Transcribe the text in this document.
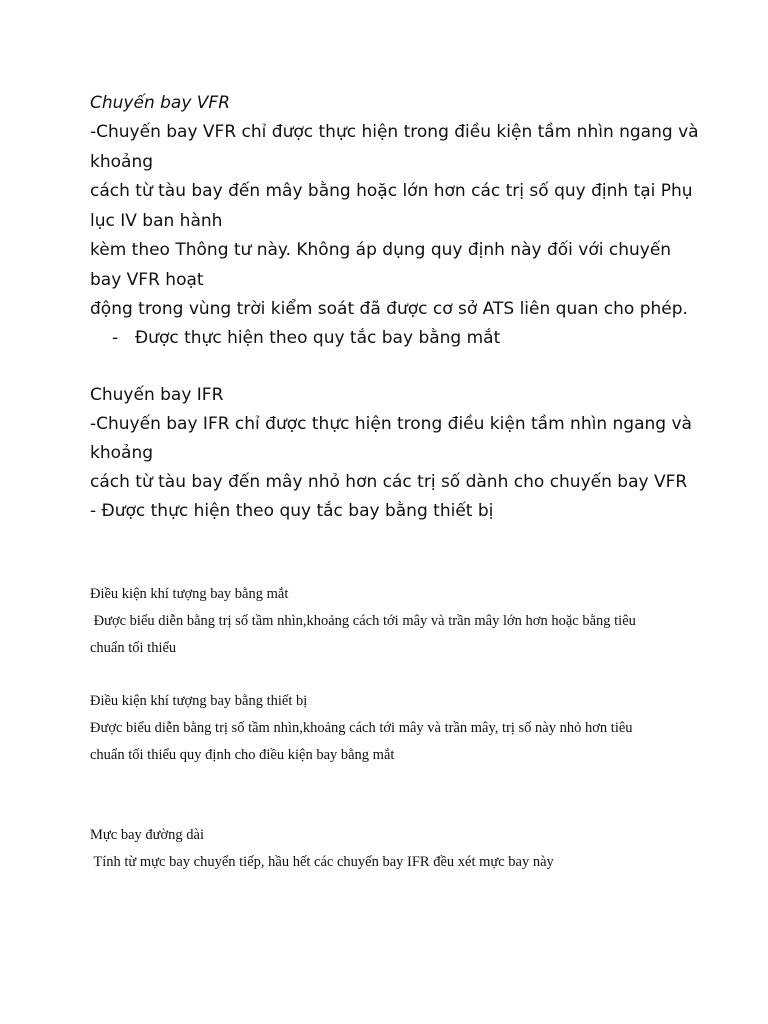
Chuyến bay VFR

-Chuyến bay VFR chỉ được thực hiện trong điều kiện tầm nhìn ngang và

khoảng

cách từ tàu bay đến mây bằng hoặc lớn hơn các trị số quy định tại Phụ

lục IV ban hành

kèm theo Thông tư này. Không áp dụng quy định này đối với chuyến

bay VFR hoạt

động trong vùng trời kiểm soát đã được cơ sở ATS liên quan cho phép.

- Được thực hiện theo quy tắc bay bằng mắt

Chuyến bay IFR

-Chuyến bay IFR chỉ được thực hiện trong điều kiện tầm nhìn ngang và

khoảng

cách từ tàu bay đến mây nhỏ hơn các trị số dành cho chuyến bay VFR

- Được thực hiện theo quy tắc bay bằng thiết bị

Điều kiện khí tượng bay bằng mắt

Được biểu diễn bằng trị số tầm nhìn,khoảng cách tới mây và trần mây lớn hơn hoặc bằng tiêu

chuẩn tối thiểu

Điều kiện khí tượng bay bằng thiết bị

Được biểu diễn bằng trị số tầm nhìn,khoảng cách tới mây và trần mây, trị số này nhỏ hơn tiêu

chuẩn tối thiểu quy định cho điều kiện bay bằng mắt

Mực bay đường dài

Tính từ mực bay chuyển tiếp, hầu hết các chuyến bay IFR đều xét mực bay này
